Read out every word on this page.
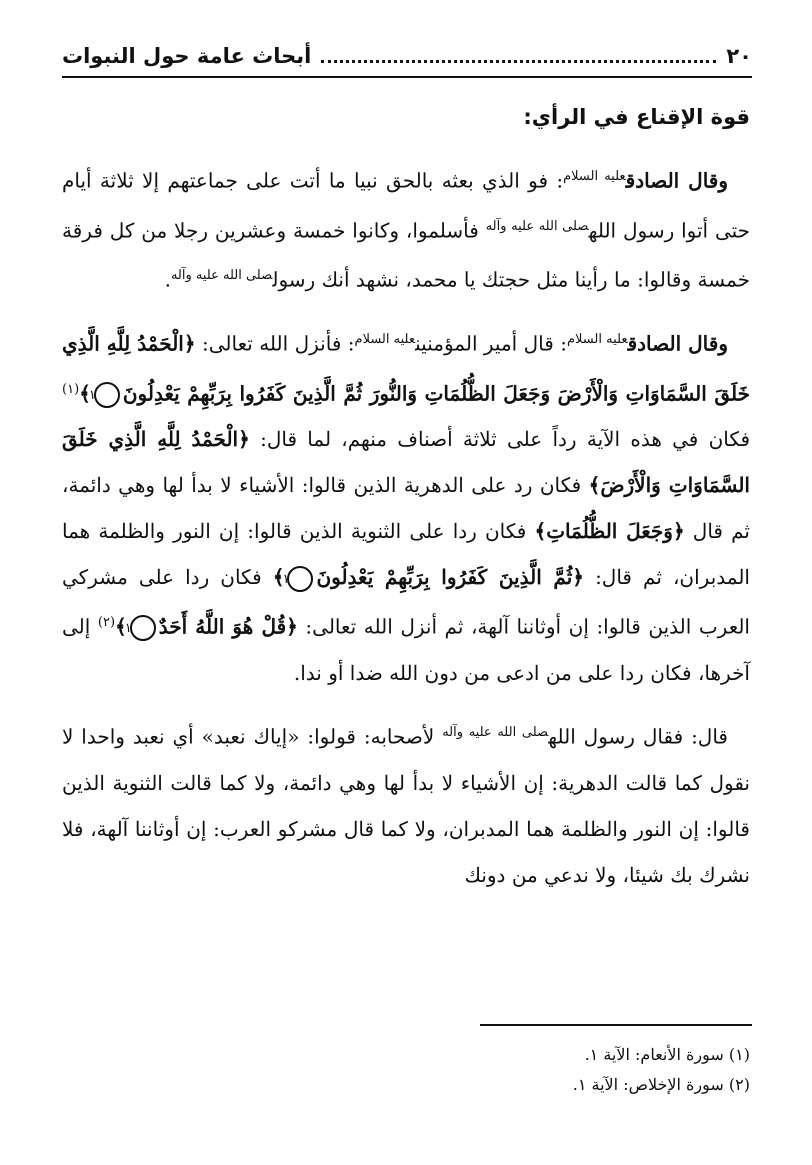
٢٠
أبحاث عامة حول النبوات
قوة الإقناع في الرأي:

وقال الصادق$^{عليه السلام}$: فو الذي بعثه بالحق نبيا ما أتت على جماعتهم إلا ثلاثة أيام حتى أتوا رسول الله$^{صلى الله عليه وآله}$ فأسلموا، وكانوا خمسة وعشرين رجلا من كل فرقة خمسة وقالوا: ما رأينا مثل حجتك يا محمد، نشهد أنك رسول$^{صلى الله عليه وآله}$.

وقال الصادق$^{عليه السلام}$: قال أمير المؤمنين$^{عليه السلام}$: فأنزل الله تعالى: ﴿الْحَمْدُ لِلَّهِ الَّذِي خَلَقَ السَّمَاوَاتِ وَالْأَرْضَ وَجَعَلَ الظُّلُمَاتِ وَالنُّورَ ثُمَّ الَّذِينَ كَفَرُوا بِرَبِّهِمْ يَعْدِلُونَ١﴾$^{(١)}$ فكان في هذه الآية رداً على ثلاثة أصناف منهم، لما قال: ﴿الْحَمْدُ لِلَّهِ الَّذِي خَلَقَ السَّمَاوَاتِ وَالْأَرْضَ﴾ فكان رد على الدهرية الذين قالوا: الأشياء لا بدأ لها وهي دائمة، ثم قال ﴿وَجَعَلَ الظُّلُمَاتِ﴾ فكان ردا على الثنوية الذين قالوا: إن النور والظلمة هما المدبران، ثم قال: ﴿ثُمَّ الَّذِينَ كَفَرُوا بِرَبِّهِمْ يَعْدِلُونَ١﴾ فكان ردا على مشركي العرب الذين قالوا: إن أوثاننا آلهة، ثم أنزل الله تعالى: ﴿قُلْ هُوَ اللَّهُ أَحَدٌ١﴾$^{(٢)}$ إلى آخرها، فكان ردا على من ادعى من دون الله ضدا أو ندا.

قال: فقال رسول الله$^{صلى الله عليه وآله}$ لأصحابه: قولوا: «إياك نعبد» أي نعبد واحدا لا نقول كما قالت الدهرية: إن الأشياء لا بدأ لها وهي دائمة، ولا كما قالت الثنوية الذين قالوا: إن النور والظلمة هما المدبران، ولا كما قال مشركو العرب: إن أوثاننا آلهة، فلا نشرك بك شيئا، ولا ندعي من دونك

(١) سورة الأنعام: الآية ١.

(٢) سورة الإخلاص: الآية ١.
